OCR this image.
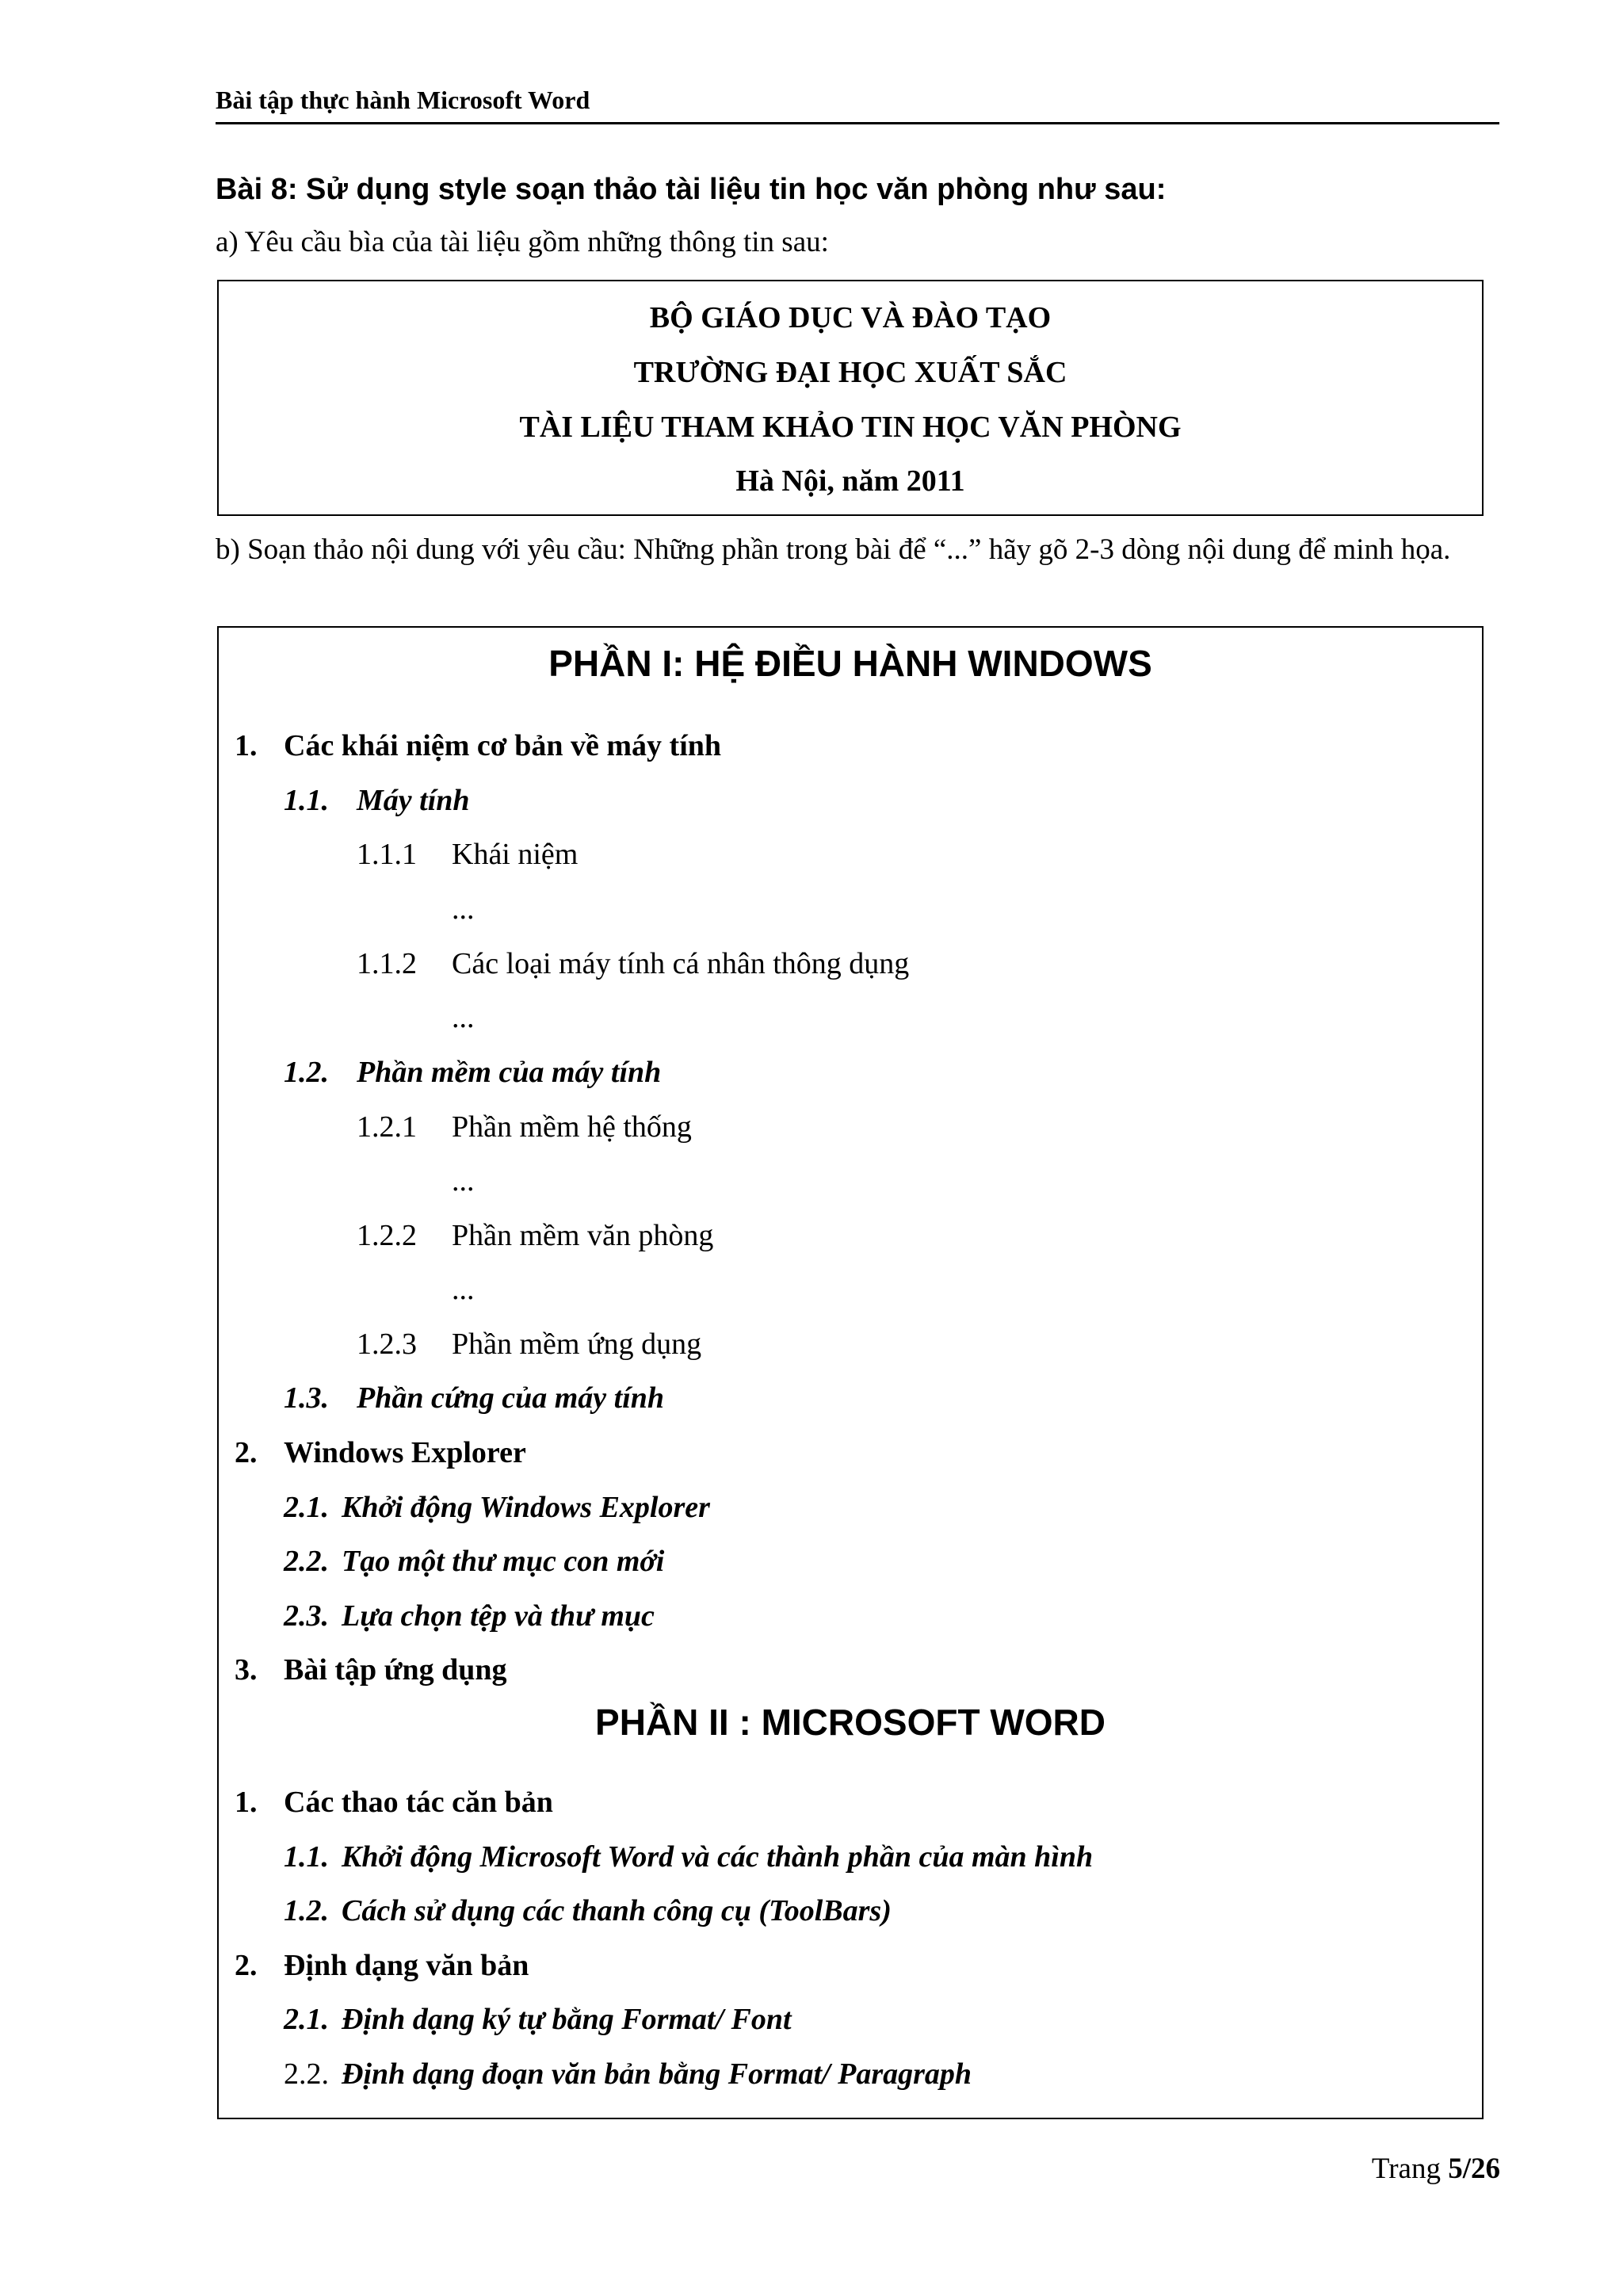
Bài tập thực hành Microsoft Word
Bài 8: Sử dụng style soạn thảo tài liệu tin học văn phòng như sau:
a) Yêu cầu bìa của tài liệu gồm những thông tin sau:
BỘ GIÁO DỤC VÀ ĐÀO TẠO
TRƯỜNG ĐẠI HỌC XUẤT SẮC
TÀI LIỆU THAM KHẢO TIN HỌC VĂN PHÒNG
Hà Nội, năm 2011
b) Soạn thảo nội dung với yêu cầu: Những phần trong bài để “...” hãy gõ 2-3 dòng nội dung để minh họa.
PHẦN I: HỆ ĐIỀU HÀNH WINDOWS
1. Các khái niệm cơ bản về máy tính
1.1. Máy tính
1.1.1 Khái niệm
...
1.1.2 Các loại máy tính cá nhân thông dụng
...
1.2. Phần mềm của máy tính
1.2.1 Phần mềm hệ thống
...
1.2.2 Phần mềm văn phòng
...
1.2.3 Phần mềm ứng dụng
1.3. Phần cứng của máy tính
2. Windows Explorer
2.1. Khởi động Windows Explorer
2.2. Tạo một thư mục con mới
2.3. Lựa chọn tệp và thư mục
3. Bài tập ứng dụng
PHẦN II : MICROSOFT WORD
1. Các thao tác căn bản
1.1. Khởi động Microsoft Word và các thành phần của màn hình
1.2. Cách sử dụng các thanh công cụ (ToolBars)
2. Định dạng văn bản
2.1. Định dạng ký tự bằng Format/ Font
2.2. Định dạng đoạn văn bản bằng Format/ Paragraph
Trang 5/26
